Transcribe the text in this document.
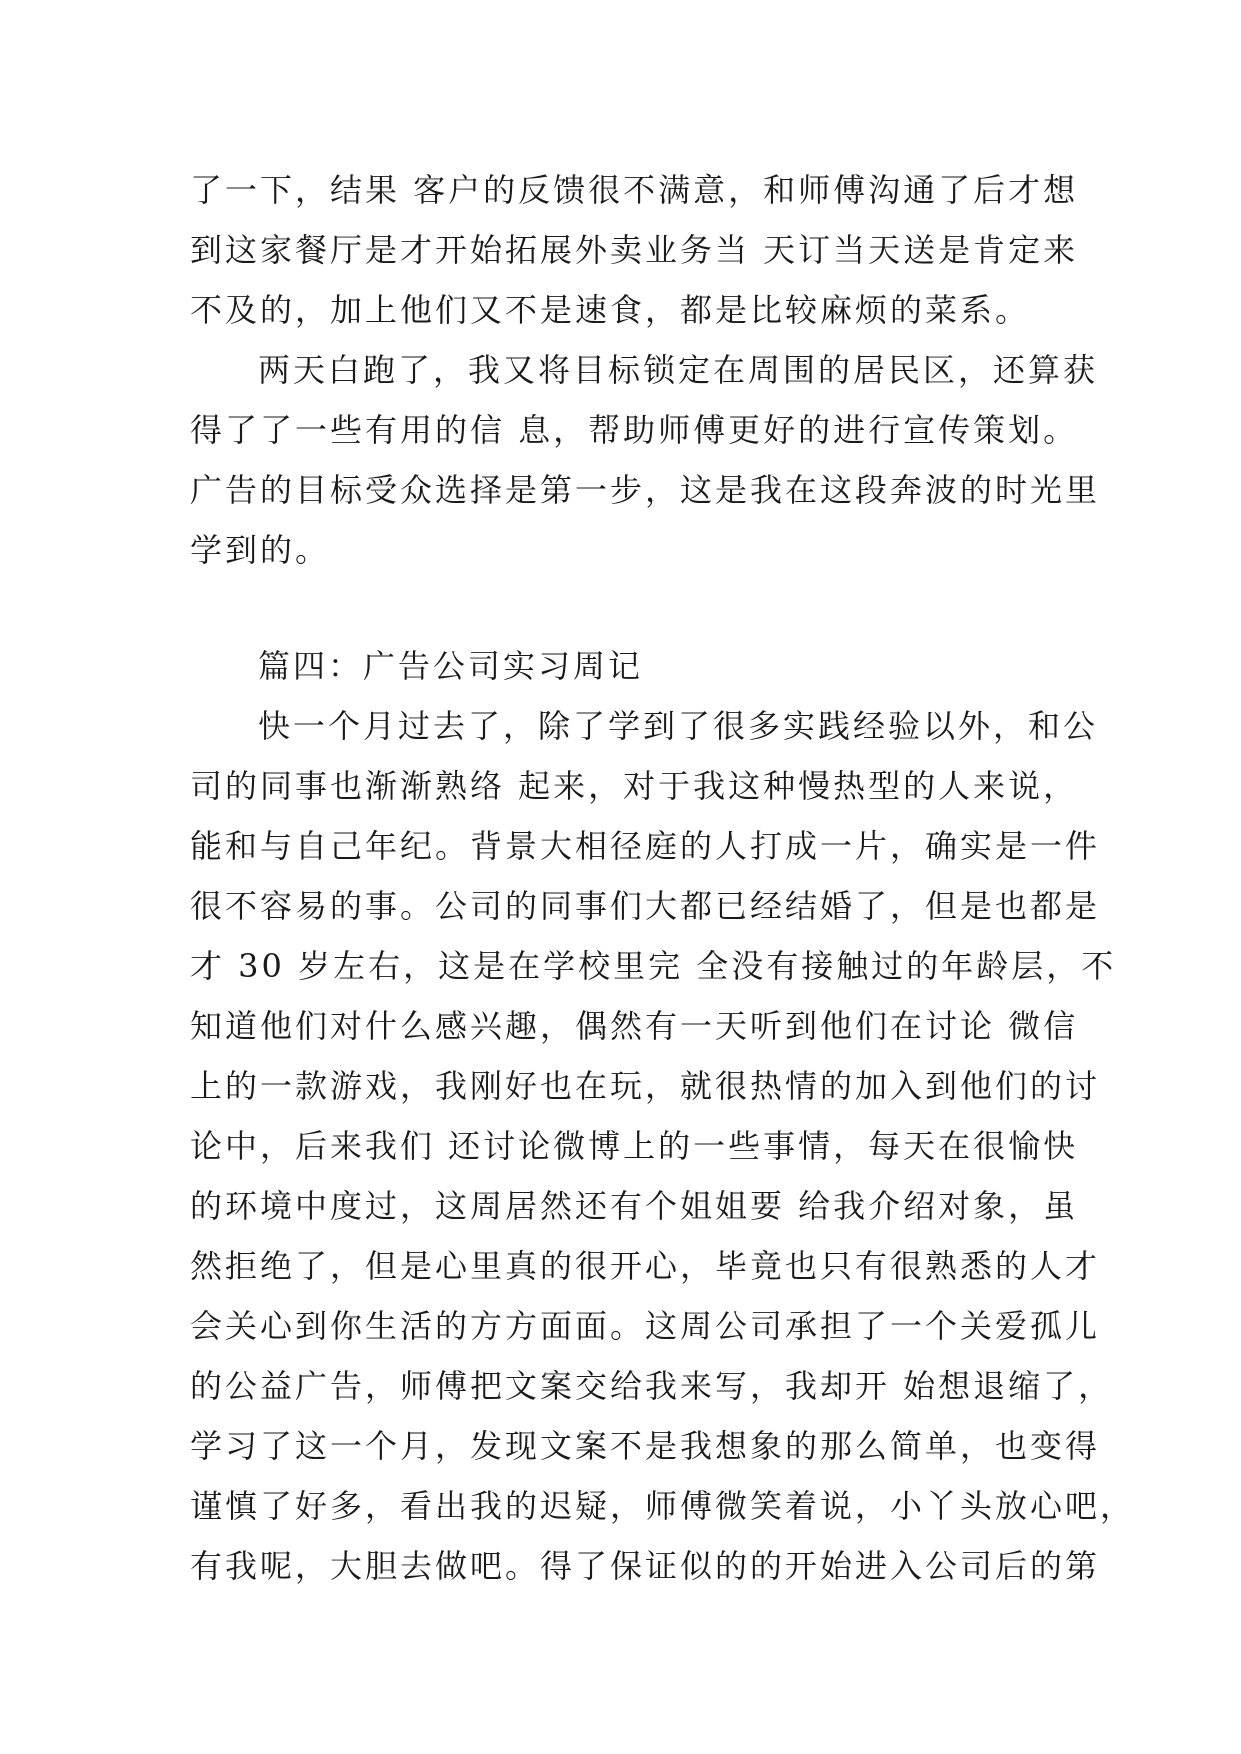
了一下，结果 客户的反馈很不满意，和师傅沟通了后才想
到这家餐厅是才开始拓展外卖业务当 天订当天送是肯定来
不及的，加上他们又不是速食，都是比较麻烦的菜系。
两天白跑了，我又将目标锁定在周围的居民区，还算获
得了了一些有用的信 息，帮助师傅更好的进行宣传策划。
广告的目标受众选择是第一步，这是我在这段奔波的时光里
学到的。
篇四：广告公司实习周记
快一个月过去了，除了学到了很多实践经验以外，和公
司的同事也渐渐熟络 起来，对于我这种慢热型的人来说，
能和与自己年纪。背景大相径庭的人打成一片，确实是一件
很不容易的事。公司的同事们大都已经结婚了，但是也都是
才 30 岁左右，这是在学校里完 全没有接触过的年龄层，不
知道他们对什么感兴趣，偶然有一天听到他们在讨论 微信
上的一款游戏，我刚好也在玩，就很热情的加入到他们的讨
论中，后来我们 还讨论微博上的一些事情，每天在很愉快
的环境中度过，这周居然还有个姐姐要 给我介绍对象，虽
然拒绝了，但是心里真的很开心，毕竟也只有很熟悉的人才
会关心到你生活的方方面面。这周公司承担了一个关爱孤儿
的公益广告，师傅把文案交给我来写，我却开 始想退缩了，
学习了这一个月，发现文案不是我想象的那么简单，也变得
谨慎了好多，看出我的迟疑，师傅微笑着说，小丫头放心吧，
有我呢，大胆去做吧。得了保证似的的开始进入公司后的第
